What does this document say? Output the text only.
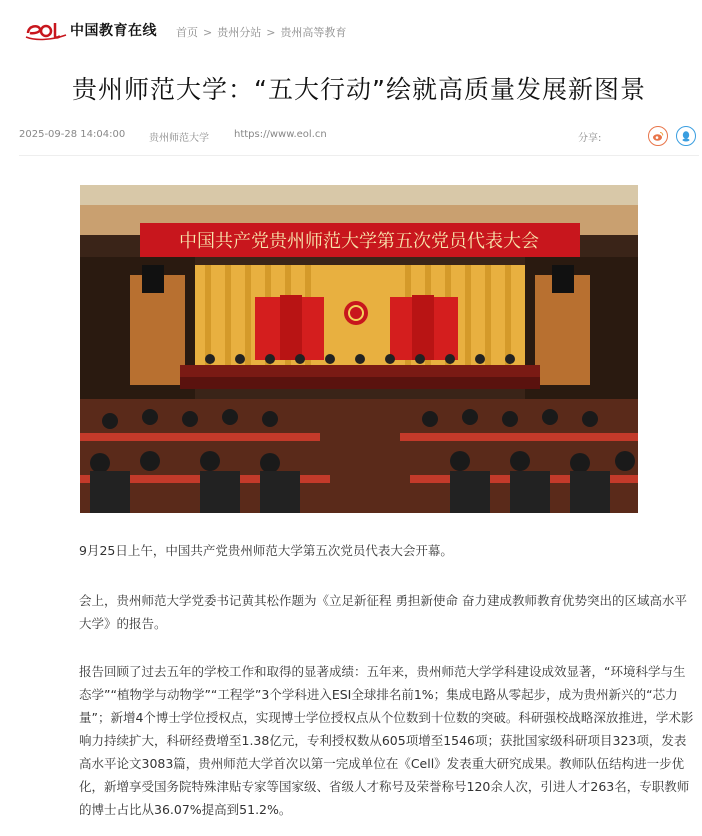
中国教育在线 首页 > 贵州分站 > 贵州高等教育
贵州师范大学：“五大行动”绘就高质量发展新图景
2025-09-28 14:04:00 贵州师范大学	https://www.eol.cn	分享:
中国共产党贵州师范大学第五次党员代表大会

9月25日上午，中国共产党贵州师范大学第五次党员代表大会开幕。

会上，贵州师范大学党委书记黄其松作题为《立足新征程 勇担新使命 奋力建成教师教育优势突出的区域高水平大学》的报告。

报告回顾了过去五年的学校工作和取得的显著成绩：五年来，贵州师范大学学科建设成效显著，“环境科学与生态学”“植物学与动物学”“工程学”3个学科进入ESI全球排名前1%；集成电路从零起步，成为贵州新兴的“芯力量”；新增4个博士学位授权点，实现博士学位授权点从个位数到十位数的突破。科研强校战略深放推进，学术影响力持续扩大，科研经费增至1.38亿元，专利授权数从605项增至1546项；获批国家级科研项目323项，发表高水平论文3083篇，贵州师范大学首次以第一完成单位在《Cell》发表重大研究成果。教师队伍结构进一步优化，新增享受国务院特殊津贴专家等国家级、省级人才称号及荣誉称号120余人次，引进人才263名，专职教师的博士占比从36.07%提高到51.2%。
